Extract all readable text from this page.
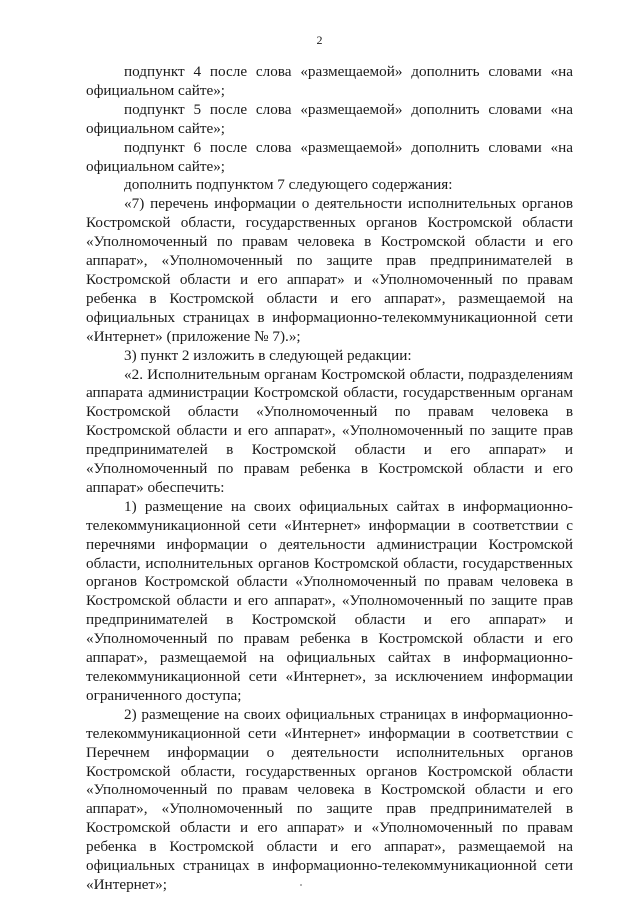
2

подпункт 4 после слова «размещаемой» дополнить словами «на официальном сайте»;

подпункт 5 после слова «размещаемой» дополнить словами «на официальном сайте»;

подпункт 6 после слова «размещаемой» дополнить словами «на официальном сайте»;

дополнить подпунктом 7 следующего содержания:

«7) перечень информации о деятельности исполнительных органов Костромской области, государственных органов Костромской области «Уполномоченный по правам человека в Костромской области и его аппарат», «Уполномоченный по защите прав предпринимателей в Костромской области и его аппарат» и «Уполномоченный по правам ребенка в Костромской области и его аппарат», размещаемой на официальных страницах в информационно-телекоммуникационной сети «Интернет» (приложение № 7).»;

3) пункт 2 изложить в следующей редакции:

«2. Исполнительным органам Костромской области, подразделениям аппарата администрации Костромской области, государственным органам Костромской области «Уполномоченный по правам человека в Костромской области и его аппарат», «Уполномоченный по защите прав предпринимателей в Костромской области и его аппарат» и «Уполномоченный по правам ребенка в Костромской области и его аппарат» обеспечить:

1) размещение на своих официальных сайтах в информационно-телекоммуникационной сети «Интернет» информации в соответствии с перечнями информации о деятельности администрации Костромской области, исполнительных органов Костромской области, государственных органов Костромской области «Уполномоченный по правам человека в Костромской области и его аппарат», «Уполномоченный по защите прав предпринимателей в Костромской области и его аппарат» и «Уполномоченный по правам ребенка в Костромской области и его аппарат», размещаемой на официальных сайтах в информационно-телекоммуникационной сети «Интернет», за исключением информации ограниченного доступа;

2) размещение на своих официальных страницах в информационно-телекоммуникационной сети «Интернет» информации в соответствии с Перечнем информации о деятельности исполнительных органов Костромской области, государственных органов Костромской области «Уполномоченный по правам человека в Костромской области и его аппарат», «Уполномоченный по защите прав предпринимателей в Костромской области и его аппарат» и «Уполномоченный по правам ребенка в Костромской области и его аппарат», размещаемой на официальных страницах в информационно-телекоммуникационной сети «Интернет»;
